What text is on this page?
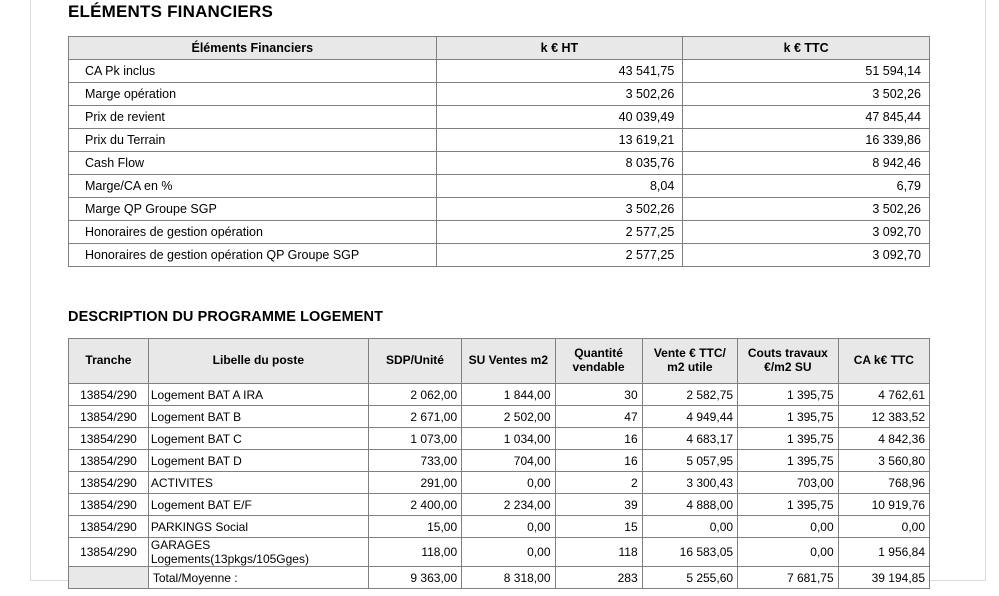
ELÉMENTS FINANCIERS
Éléments Financiers	k € HT	k € TTC
CA Pk inclus	43 541,75	51 594,14
Marge opération	3 502,26	3 502,26
Prix de revient	40 039,49	47 845,44
Prix du Terrain	13 619,21	16 339,86
Cash Flow	8 035,76	8 942,46
Marge/CA en %	8,04	6,79
Marge QP Groupe SGP	3 502,26	3 502,26
Honoraires de gestion opération	2 577,25	3 092,70
Honoraires de gestion opération QP Groupe SGP	2 577,25	3 092,70
DESCRIPTION DU PROGRAMME LOGEMENT
Tranche	Libelle du poste	SDP/Unité	SU Ventes m2	Quantité vendable	Vente € TTC/ m2 utile	Couts travaux €/m2 SU	CA k€ TTC
13854/290	Logement BAT A IRA	2 062,00	1 844,00	30	2 582,75	1 395,75	4 762,61
13854/290	Logement BAT B	2 671,00	2 502,00	47	4 949,44	1 395,75	12 383,52
13854/290	Logement BAT C	1 073,00	1 034,00	16	4 683,17	1 395,75	4 842,36
13854/290	Logement BAT D	733,00	704,00	16	5 057,95	1 395,75	3 560,80
13854/290	ACTIVITES	291,00	0,00	2	3 300,43	703,00	768,96
13854/290	Logement BAT E/F	2 400,00	2 234,00	39	4 888,00	1 395,75	10 919,76
13854/290	PARKINGS Social	15,00	0,00	15	0,00	0,00	0,00
13854/290	GARAGES Logements(13pkgs/105Gges)	118,00	0,00	118	16 583,05	0,00	1 956,84
	Total/Moyenne :	9 363,00	8 318,00	283	5 255,60	7 681,75	39 194,85
